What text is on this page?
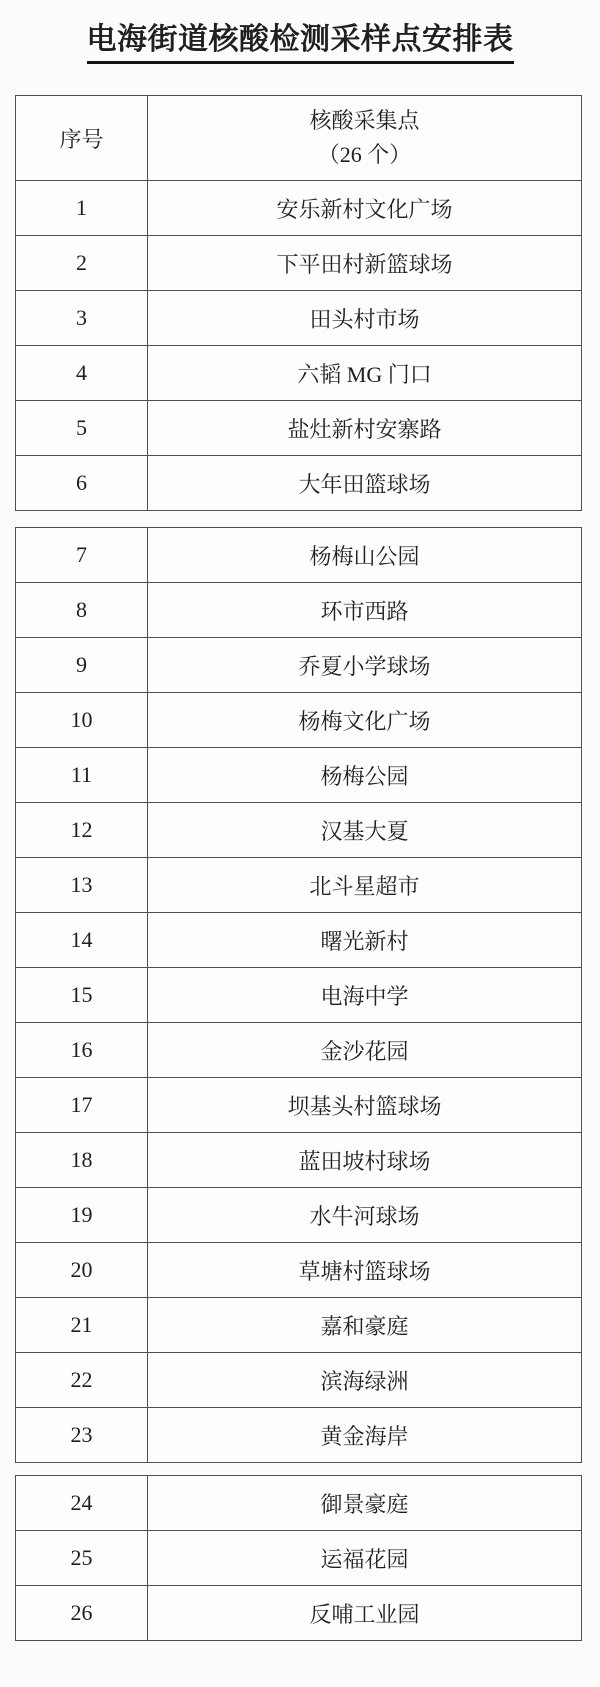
电海街道核酸检测采样点安排表
序号	核酸采集点
（26 个）

1	安乐新村文化广场
2	下平田村新篮球场
3	田头村市场
4	六韬 MG 门口
5	盐灶新村安寨路
6	大年田篮球场
7	杨梅山公园
8	环市西路
9	乔夏小学球场
10	杨梅文化广场
11	杨梅公园
12	汉基大夏
13	北斗星超市
14	曙光新村
15	电海中学
16	金沙花园
17	坝基头村篮球场
18	蓝田坡村球场
19	水牛河球场
20	草塘村篮球场
21	嘉和豪庭
22	滨海绿洲
23	黄金海岸
24	御景豪庭
25	运福花园
26	反哺工业园
